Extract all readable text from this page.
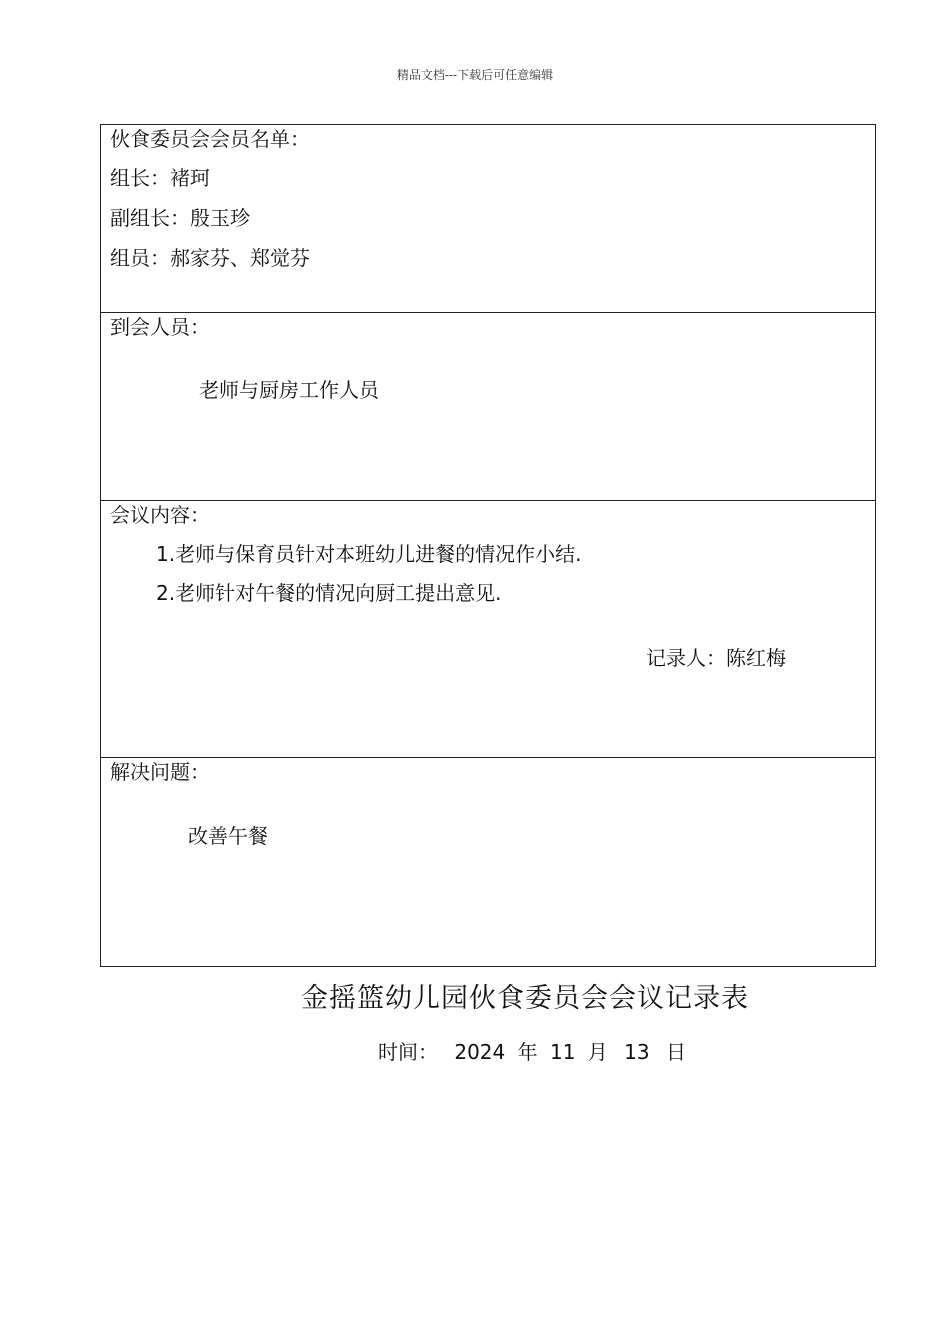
精品文档---下载后可任意编辑
伙食委员会会员名单：
组长：褚珂
副组长：殷玉珍
组员：郝家芬、郑觉芬
到会人员：
老师与厨房工作人员
会议内容：
1.老师与保育员针对本班幼儿进餐的情况作小结.
2.老师针对午餐的情况向厨工提出意见.
记录人：陈红梅
解决问题：
改善午餐
金摇篮幼儿园伙食委员会会议记录表
时间： 2024 年 11 月 13 日
